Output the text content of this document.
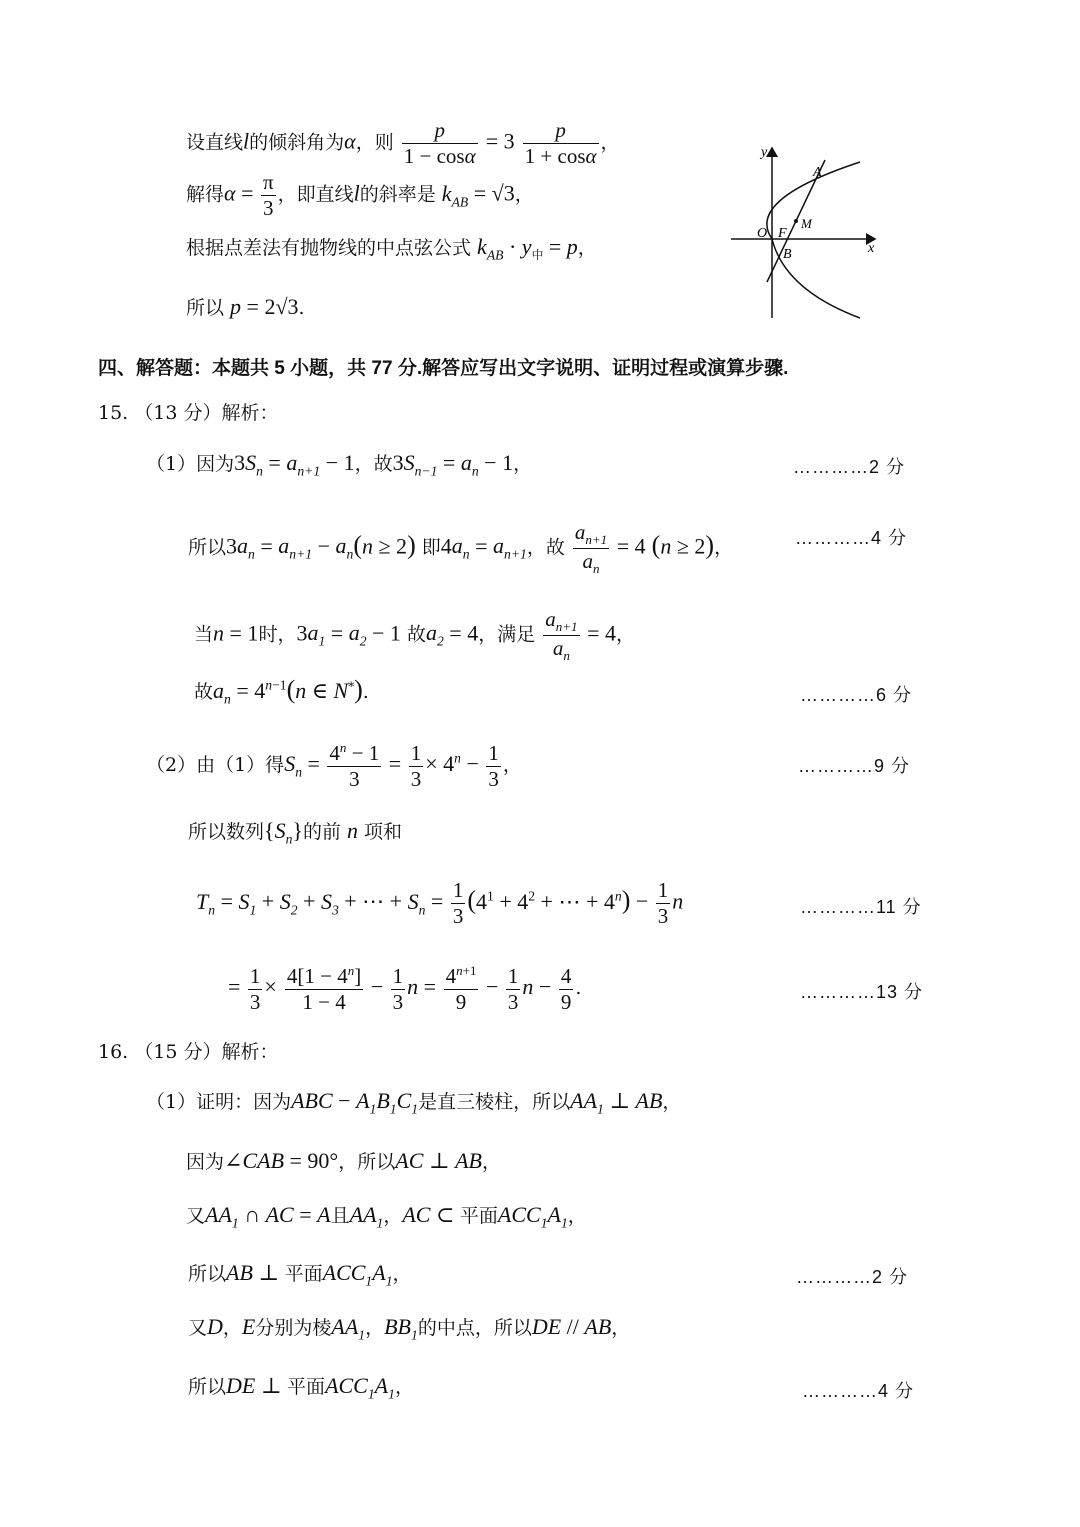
设直线l的倾斜角为α，则 $\frac{p}{1 - \cos\alpha} = 3 \frac{p}{1 + \cos\alpha}$ ，
解得$\alpha = \frac{\pi}{3}$ ，即直线l的斜率是 $k_{AB} = √3$，
根据点差法有抛物线的中点弦公式 $k_{AB} \cdot y_中 = p$，
所以 p = 2√3.
y
x
A
M
O F
B
四、解答题：本题共 5 小题，共 77 分.解答应写出文字说明、证明过程或演算步骤.
15. （13 分）解析：
（1）因为$3S_n = a_{n+1} - 1$，故$3S_{n-1} = a_n - 1$，	…………2 分
所以$3a_n = a_{n+1} - a_n(n \ge 2)$ 即$4a_n = a_{n+1}$，故 $\frac{a_{n+1}}{a_n} = 4$ (n ≥ 2)，	…………4 分
当n = 1时，$3a_1 = a_2 - 1$ 故$a_2 = 4$，满足 $\frac{a_{n+1}}{a_n} = 4$，
故$a_n = 4^{n-1}(n$ ∈ N*).	…………6 分
（2）由（1）得$S_n = \frac{4^n - 1}{3} = \frac{1}{3} \times 4^n - \frac{1}{3}$ ，	…………9 分
所以数列$\{S_n\}$的前 n 项和
$T_n = S_1 + S_2 + S_3$ + ⋯ + $S_n = \frac{1}{3} (4^1 + 4^2$ + ⋯ + $4^n) - \frac{1}{3}$ n	…………11 分
= $\frac{1}{3} \times \frac{4[1 - 4^n]}{1 - 4} - \frac{1}{3}$ $n = \frac{4^{n+1}}{9} - \frac{1}{3}$ $n - \frac{4}{9}$ .	…………13 分
16. （15 分）解析：
（1）证明：因为ABC − $A_1B_1C_1$是直三棱柱，所以$AA_1$ ⊥ AB，
因为∠CAB = 90°，所以AC ⊥ AB，
又$AA_1$ ∩ AC = A且$AA_1$，AC ⊂ 平面$ACC_1A_1$，
所以AB ⊥ 平面$ACC_1A_1$，	…………2 分
又D，E分别为棱$AA_1$，$BB_1$的中点，所以DE // AB，
所以DE ⊥ 平面$ACC_1A_1$，	…………4 分
